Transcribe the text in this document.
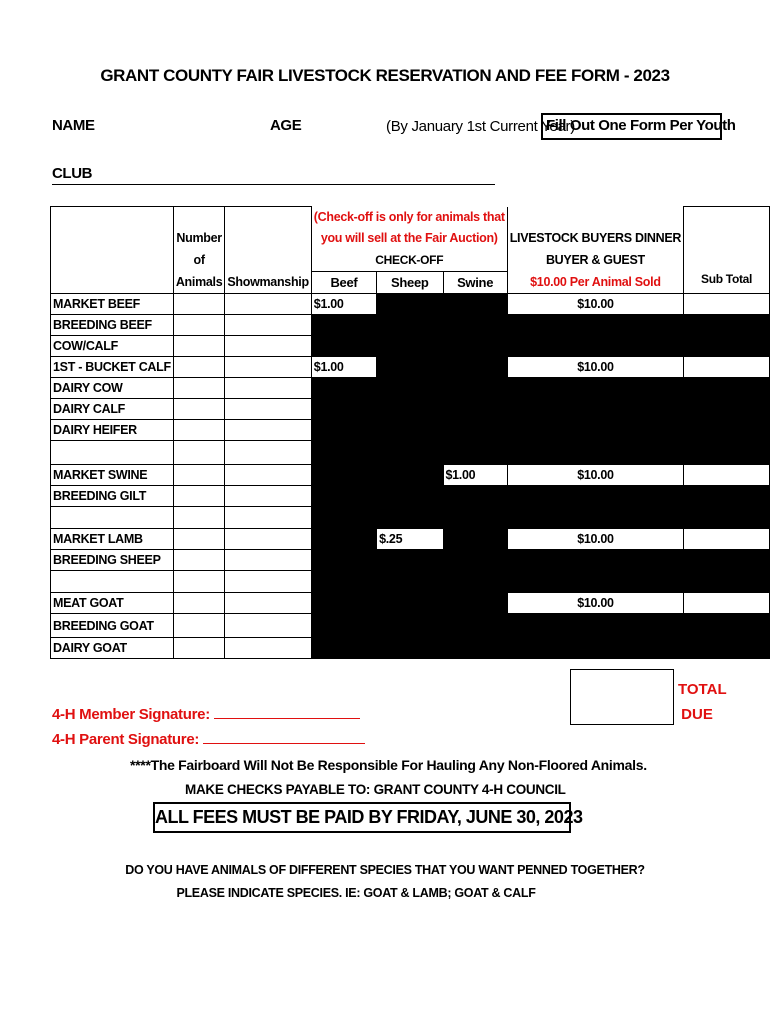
GRANT COUNTY FAIR LIVESTOCK RESERVATION AND FEE FORM - 2023
NAME	AGE	(By January 1st Current Year)
Fill Out One Form Per Youth
CLUB
			(Check-off is only for animals that				
	Number		you will sell at the Fair Auction)			LIVESTOCK BUYERS DINNER	
	of		CHECK-OFF			BUYER & GUEST	
	Animals	Showmanship	Beef	Sheep	Swine	$10.00 Per Animal Sold	Sub Total
MARKET BEEF			$1.00			$10.00	
BREEDING BEEF							
COW/CALF							
1ST - BUCKET CALF			$1.00			$10.00	
DAIRY COW							
DAIRY CALF							
DAIRY HEIFER							

MARKET SWINE					$1.00	$10.00	
BREEDING GILT							

MARKET LAMB				$.25		$10.00	
BREEDING SHEEP							

MEAT GOAT						$10.00	
BREEDING GOAT							
DAIRY GOAT							
TOTAL
DUE
4-H Member Signature:
4-H Parent Signature:
****The Fairboard Will Not Be Responsible For Hauling Any Non-Floored Animals.
MAKE CHECKS PAYABLE TO: GRANT COUNTY 4-H COUNCIL
ALL FEES MUST BE PAID BY FRIDAY, JUNE 30, 2023
DO YOU HAVE ANIMALS OF DIFFERENT SPECIES THAT YOU WANT PENNED TOGETHER?
PLEASE INDICATE SPECIES. IE: GOAT & LAMB; GOAT & CALF
